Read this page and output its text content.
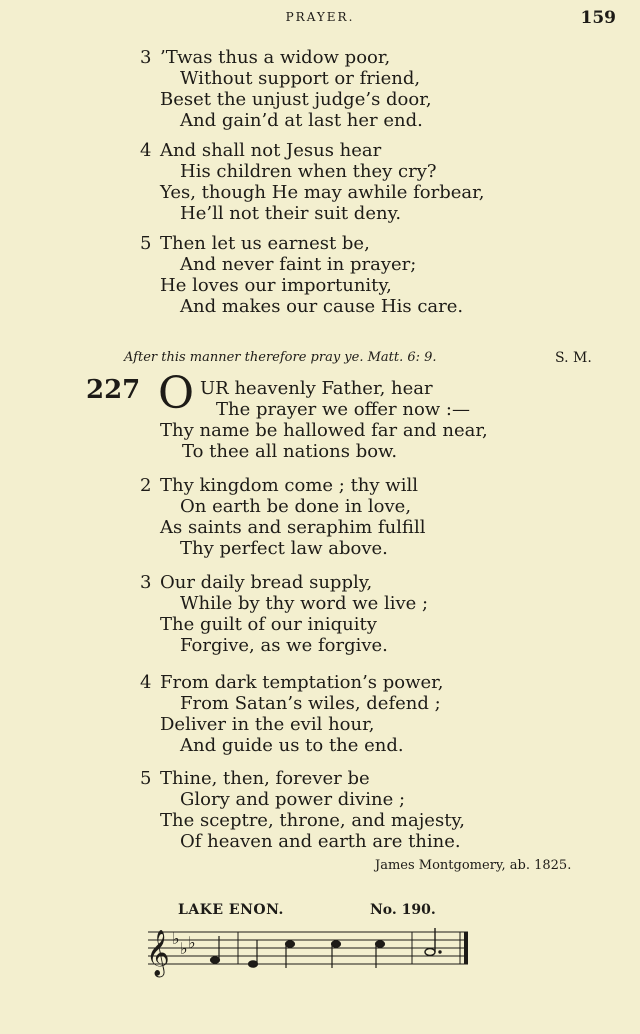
PRAYER.	159
3 ’Twas thus a widow poor,
Without support or friend,
Beset the unjust judge’s door,
And gain’d at last her end.
4 And shall not Jesus hear
His children when they cry?
Yes, though He may awhile forbear,
He’ll not their suit deny.
5 Then let us earnest be,
And never faint in prayer;
He loves our importunity,
And makes our cause His care.
After this manner therefore pray ye. Matt. 6: 9.	S. M.
227 O UR heavenly Father, hear
The prayer we offer now :—
Thy name be hallowed far and near,
To thee all nations bow.
2 Thy kingdom come ; thy will
On earth be done in love,
As saints and seraphim fulfill
Thy perfect law above.
3 Our daily bread supply,
While by thy word we live ;
The guilt of our iniquity
Forgive, as we forgive.
4 From dark temptation’s power,
From Satan’s wiles, defend ;
Deliver in the evil hour,
And guide us to the end.
5 Thine, then, forever be
Glory and power divine ;
The sceptre, throne, and majesty,
Of heaven and earth are thine.
James Montgomery, ab. 1825.
LAKE ENON.	No. 190.
𝄞 ♭
♭ ♭
